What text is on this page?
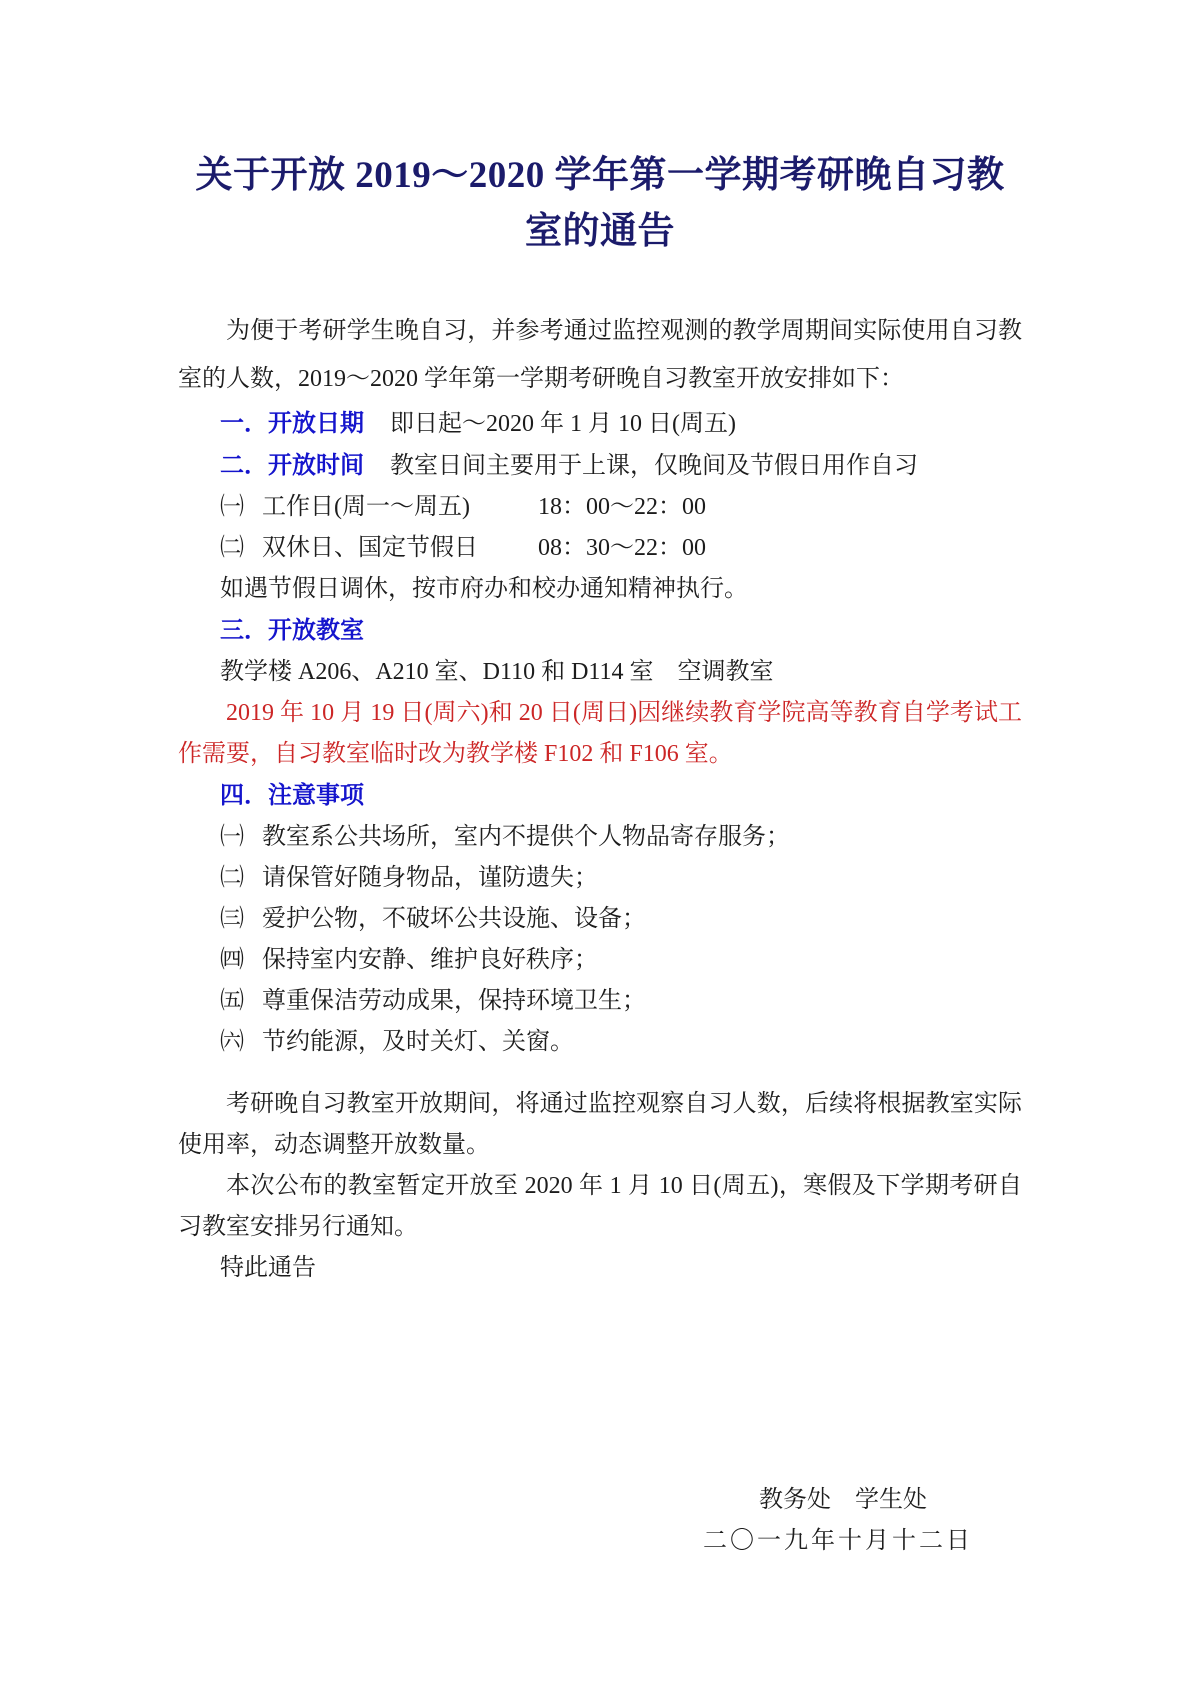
关于开放 2019～2020 学年第一学期考研晚自习教室的通告

为便于考研学生晚自习，并参考通过监控观测的教学周期间实际使用自习教室的人数，2019～2020 学年第一学期考研晚自习教室开放安排如下：

一．开放日期 即日起～2020 年 1 月 10 日(周五)
二．开放时间 教室日间主要用于上课，仅晚间及节假日用作自习
㈠ 工作日(周一～周五)	18：00～22：00
㈡ 双休日、国定节假日	08：30～22：00
如遇节假日调休，按市府办和校办通知精神执行。
三．开放教室
教学楼 A206、A210 室、D110 和 D114 室　空调教室

2019 年 10 月 19 日(周六)和 20 日(周日)因继续教育学院高等教育自学考试工作需要，自习教室临时改为教学楼 F102 和 F106 室。

四．注意事项
㈠ 教室系公共场所，室内不提供个人物品寄存服务；
㈡ 请保管好随身物品，谨防遗失；
㈢ 爱护公物，不破坏公共设施、设备；
㈣ 保持室内安静、维护良好秩序；
㈤ 尊重保洁劳动成果，保持环境卫生；
㈥ 节约能源，及时关灯、关窗。

考研晚自习教室开放期间，将通过监控观察自习人数，后续将根据教室实际使用率，动态调整开放数量。

本次公布的教室暂定开放至 2020 年 1 月 10 日(周五)，寒假及下学期考研自习教室安排另行通知。

特此通告
教务处　学生处
二〇一九年十月十二日
